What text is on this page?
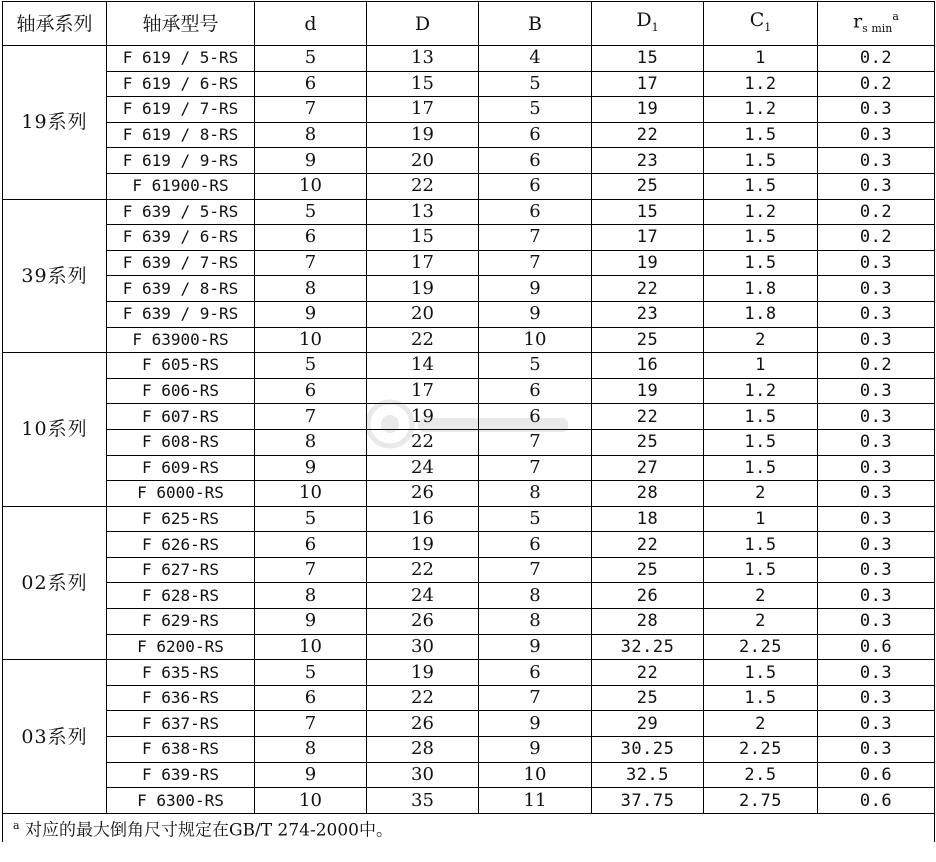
轴承系列	轴承型号	d	D	B	$D_1$	$C_1$	$r_{s min}^a$
19系列	F 619 / 5-RS	5	13	4	15	1	0.2
	F 619 / 6-RS	6	15	5	17	1.2	0.2
	F 619 / 7-RS	7	17	5	19	1.2	0.3
	F 619 / 8-RS	8	19	6	22	1.5	0.3
	F 619 / 9-RS	9	20	6	23	1.5	0.3
	F 61900-RS	10	22	6	25	1.5	0.3
39系列	F 639 / 5-RS	5	13	6	15	1.2	0.2
	F 639 / 6-RS	6	15	7	17	1.5	0.2
	F 639 / 7-RS	7	17	7	19	1.5	0.3
	F 639 / 8-RS	8	19	9	22	1.8	0.3
	F 639 / 9-RS	9	20	9	23	1.8	0.3
	F 63900-RS	10	22	10	25	2	0.3
10系列	F 605-RS	5	14	5	16	1	0.2
	F 606-RS	6	17	6	19	1.2	0.3
	F 607-RS	7	19	6	22	1.5	0.3
	F 608-RS	8	22	7	25	1.5	0.3
	F 609-RS	9	24	7	27	1.5	0.3
	F 6000-RS	10	26	8	28	2	0.3
02系列	F 625-RS	5	16	5	18	1	0.3
	F 626-RS	6	19	6	22	1.5	0.3
	F 627-RS	7	22	7	25	1.5	0.3
	F 628-RS	8	24	8	26	2	0.3
	F 629-RS	9	26	8	28	2	0.3
	F 6200-RS	10	30	9	32.25	2.25	0.6
03系列	F 635-RS	5	19	6	22	1.5	0.3
	F 636-RS	6	22	7	25	1.5	0.3
	F 637-RS	7	26	9	29	2	0.3
	F 638-RS	8	28	9	30.25	2.25	0.3
	F 639-RS	9	30	10	32.5	2.5	0.6
	F 6300-RS	10	35	11	37.75	2.75	0.6
$^a$ 对应的最大倒角尺寸规定在GB/T 274-2000中。							
